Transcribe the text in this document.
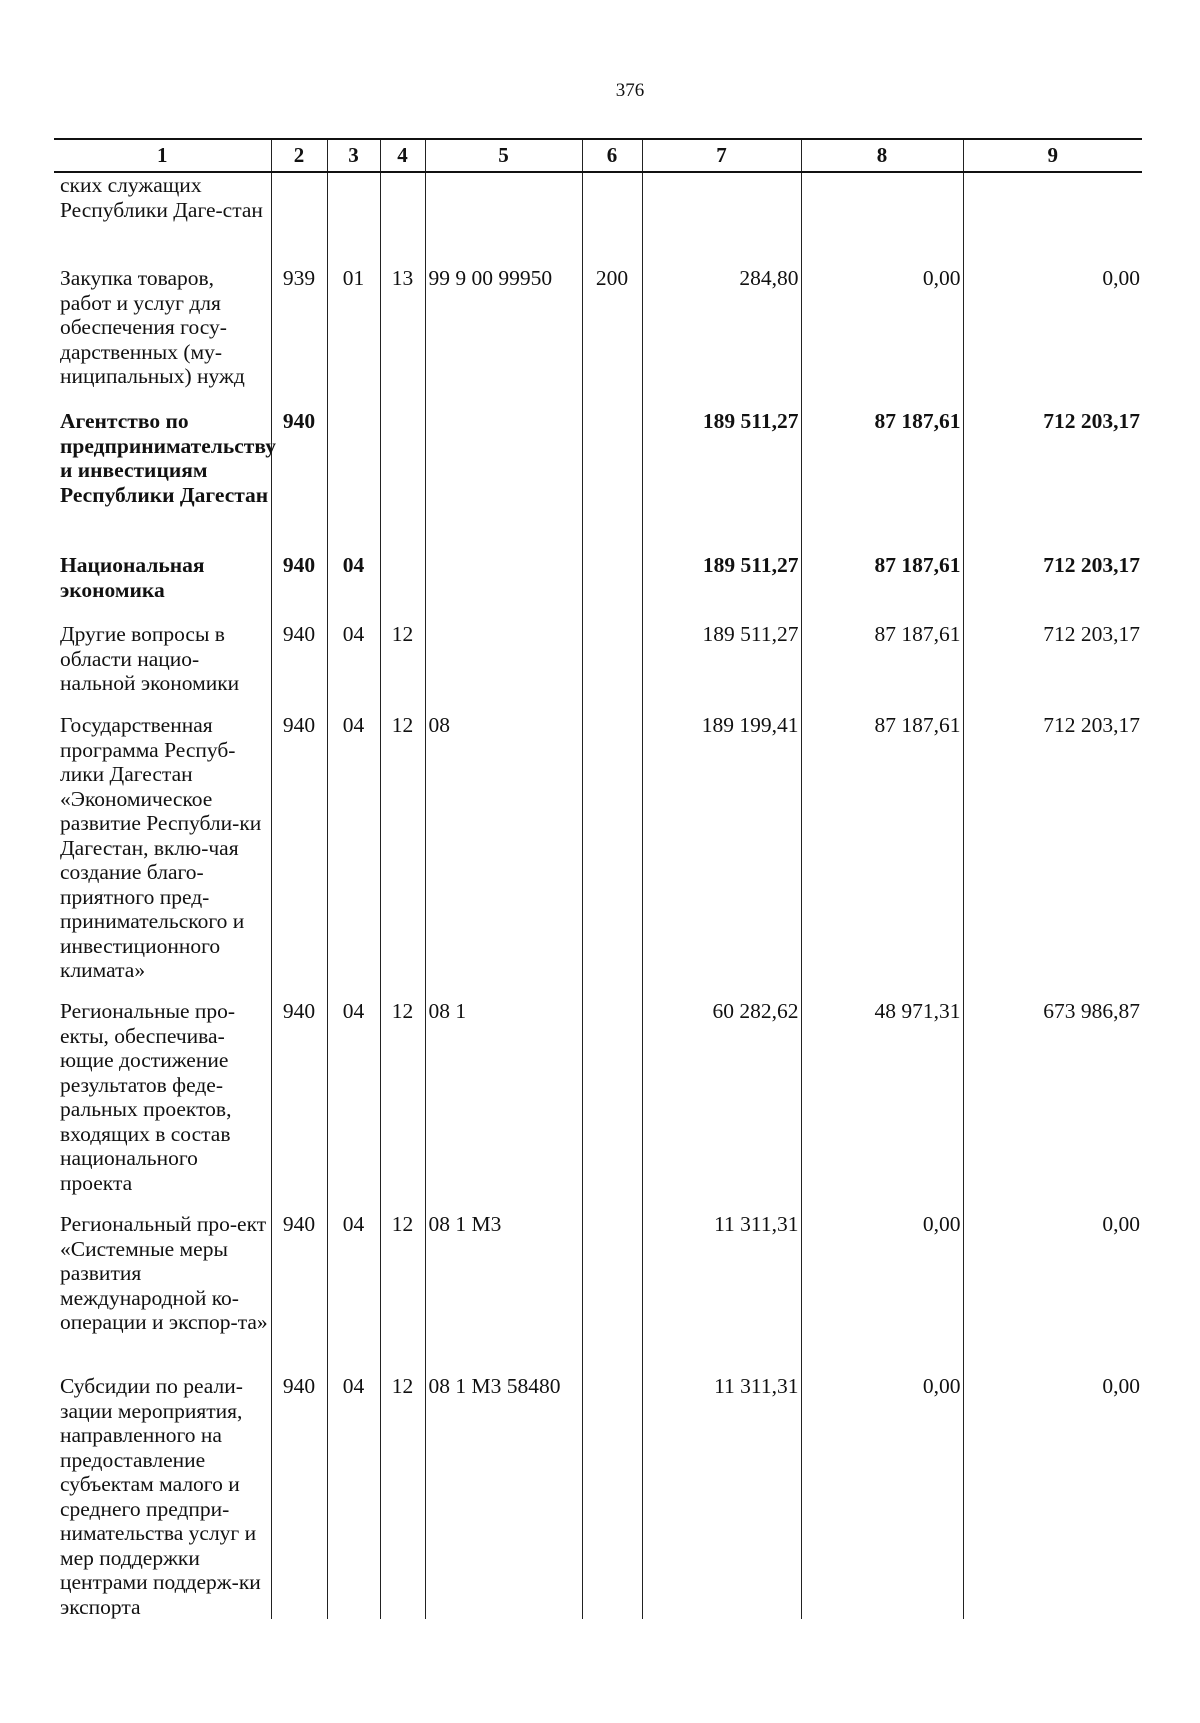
376
1	2	3	4	5	6	7	8	9
ских служащих Республики Даге-стан								
Закупка товаров, работ и услуг для обеспечения госу-дарственных (му-ниципальных) нужд	939	01	13	99 9 00 99950	200	284,80	0,00	0,00
Агентство по предпринимательству и инвестициям Республики Дагестан	940					189 511,27	87 187,61	712 203,17
Национальная экономика	940	04				189 511,27	87 187,61	712 203,17
Другие вопросы в области нацио-нальной экономики	940	04	12			189 511,27	87 187,61	712 203,17
Государственная программа Респуб-лики Дагестан «Экономическое развитие Республи-ки Дагестан, вклю-чая создание благо-приятного пред-принимательского и инвестиционного климата»	940	04	12	08		189 199,41	87 187,61	712 203,17
Региональные про-екты, обеспечива-ющие достижение результатов феде-ральных проектов, входящих в состав национального проекта	940	04	12	08 1		60 282,62	48 971,31	673 986,87
Региональный про-ект «Системные меры развития международной ко-операции и экспор-та»	940	04	12	08 1 М3		11 311,31	0,00	0,00
Субсидии по реали-зации мероприятия, направленного на предоставление субъектам малого и среднего предпри-нимательства услуг и мер поддержки центрами поддерж-ки экспорта	940	04	12	08 1 М3 58480		11 311,31	0,00	0,00
